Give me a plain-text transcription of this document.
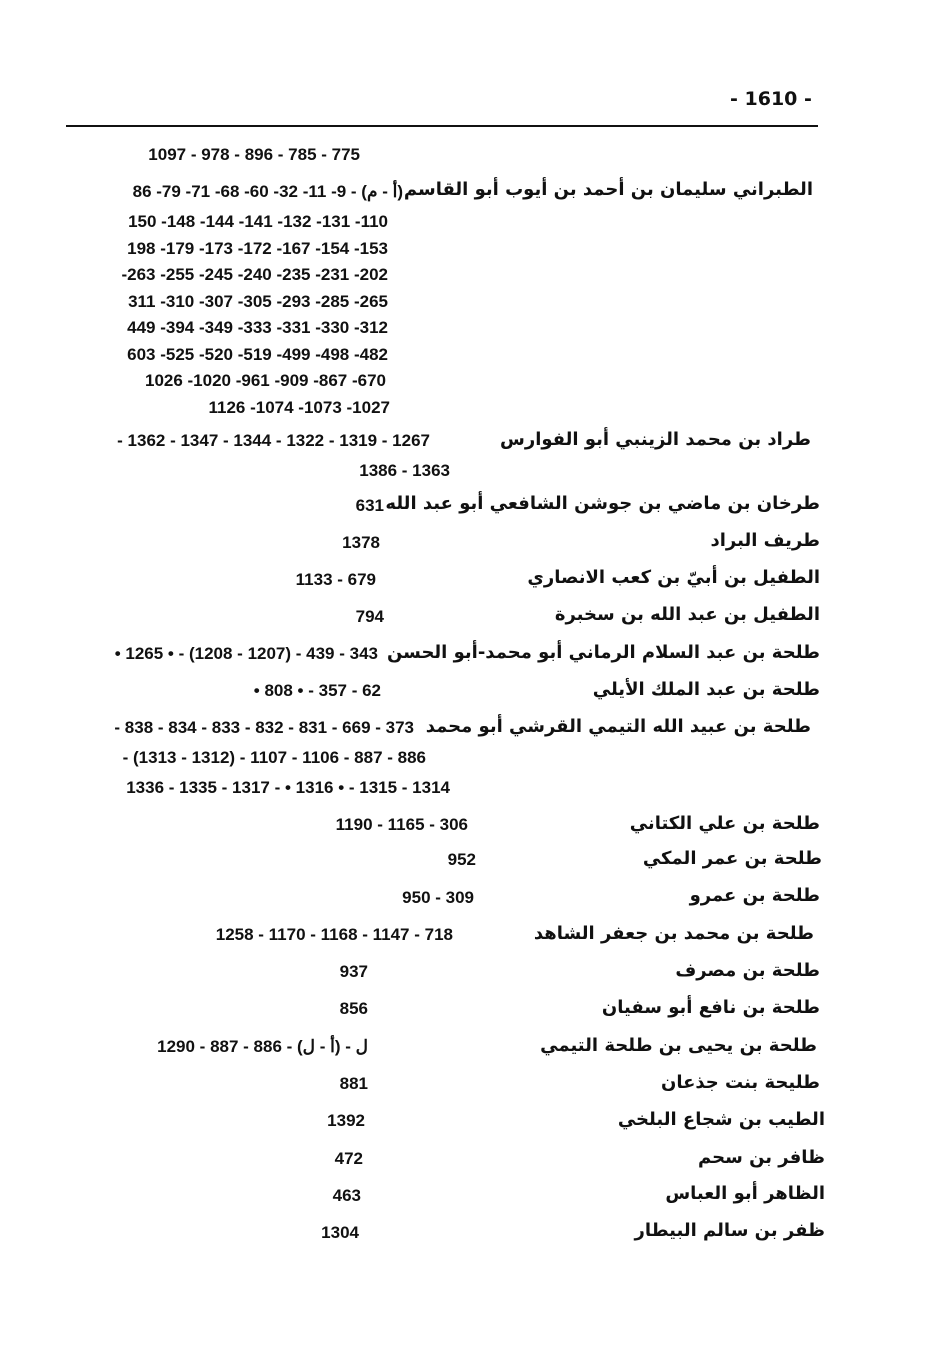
- 1610 -
1097 - 978 - 896 - 785 - 775
الطبراني سليمان بن أحمد بن أيوب أبو القاسم
86 -79 -71 -68 -60 -32 -11 -9 - (أ - م)
150 -148 -144 -141 -132 -131 -110
198 -179 -173 -172 -167 -154 -153
-263 -255 -245 -240 -235 -231 -202
311 -310 -307 -305 -293 -285 -265
449 -394 -349 -333 -331 -330 -312
603 -525 -520 -519 -499 -498 -482
1026 -1020 -961 -909 -867 -670
1126 -1074 -1073 -1027
طراد بن محمد الزينبي أبو الفوارس
- 1362 - 1347 - 1344 - 1322 - 1319 - 1267
1386 - 1363
طرخان بن ماضي بن جوشن الشافعي أبو عبد الله
631
طريف البراد
1378
الطفيل بن أبيّ بن كعب الانصاري
1133 - 679
الطفيل بن عبد الله بن سخبرة
794
طلحة بن عبد السلام الرماني أبو محمد-أبو الحسن
• 1265 • - (1208 - 1207) - 439 - 343
طلحة بن عبد الملك الأيلي
• 808 • - 357 - 62
طلحة بن عبيد الله التيمي القرشي أبو محمد
- 838 - 834 - 833 - 832 - 831 - 669 - 373
- (1313 - 1312) - 1107 - 1106 - 887 - 886
1336 - 1335 - 1317 - • 1316 • - 1315 - 1314
طلحة بن علي الكتاني
1190 - 1165 - 306
طلحة بن عمر المكي
952
طلحة بن عمرو
950 - 309
طلحة بن محمد بن جعفر الشاهد
1258 - 1170 - 1168 - 1147 - 718
طلحة بن مصرف
937
طلحة بن نافع أبو سفيان
856
طلحة بن يحيى بن طلحة التيمي
1290 - 887 - 886 - (أ - ل) - ل
طليحة بنت جذعان
881
الطيب بن شجاع البلخي
1392
ظافر بن سحم
472
الظاهر أبو العباس
463
ظفر بن سالم البيطار
1304
